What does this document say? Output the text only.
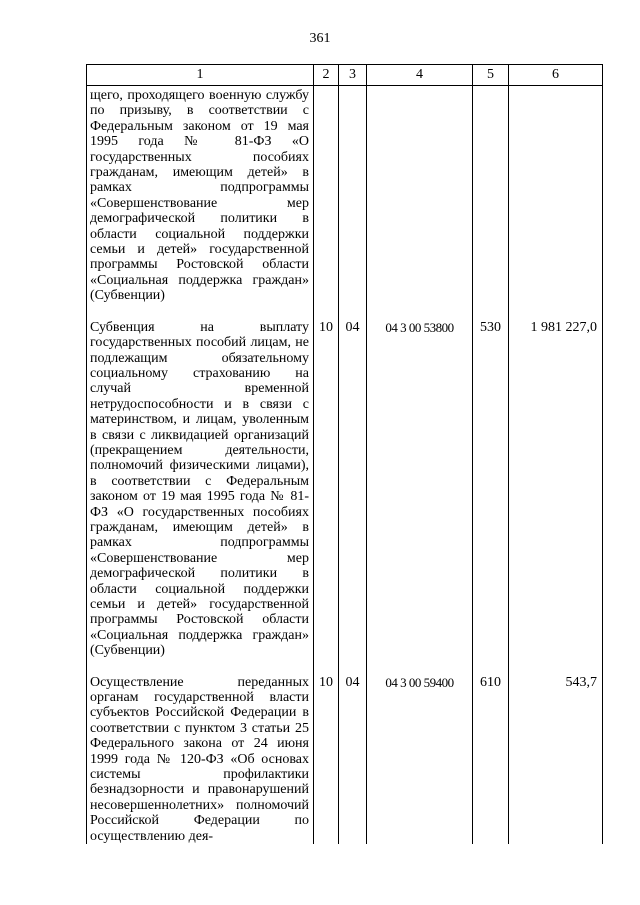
361
1	2	3	4	5	6
щего, проходящего военную службу по призыву, в соответствии с Федеральным законом от 19 мая 1995 года № 81-ФЗ «О государственных пособиях гражданам, имеющим детей» в рамках подпрограммы «Совершенствование мер демографической политики в области социальной поддержки семьи и детей» государственной программы Ростовской области «Социальная поддержка граждан» (Субвенции)					
Субвенция на выплату государственных пособий лицам, не подлежащим обязательному социальному страхованию на случай временной нетрудоспособности и в связи с материнством, и лицам, уволенным в связи с ликвидацией организаций (прекращением деятельности, полномочий физическими лицами), в соответствии с Федеральным законом от 19 мая 1995 года № 81-ФЗ «О государственных пособиях гражданам, имеющим детей» в рамках подпрограммы «Совершенствование мер демографической политики в области социальной поддержки семьи и детей» государственной программы Ростовской области «Социальная поддержка граждан» (Субвенции)	10	04	04 3 00 53800	530	1 981 227,0
Осуществление переданных органам государственной власти субъектов Российской Федерации в соответствии с пунктом 3 статьи 25 Федерального закона от 24 июня 1999 года № 120-ФЗ «Об основах системы профилактики безнадзорности и правонарушений несовершеннолетних» полномочий Российской Федерации по осуществлению дея-	10	04	04 3 00 59400	610	543,7
